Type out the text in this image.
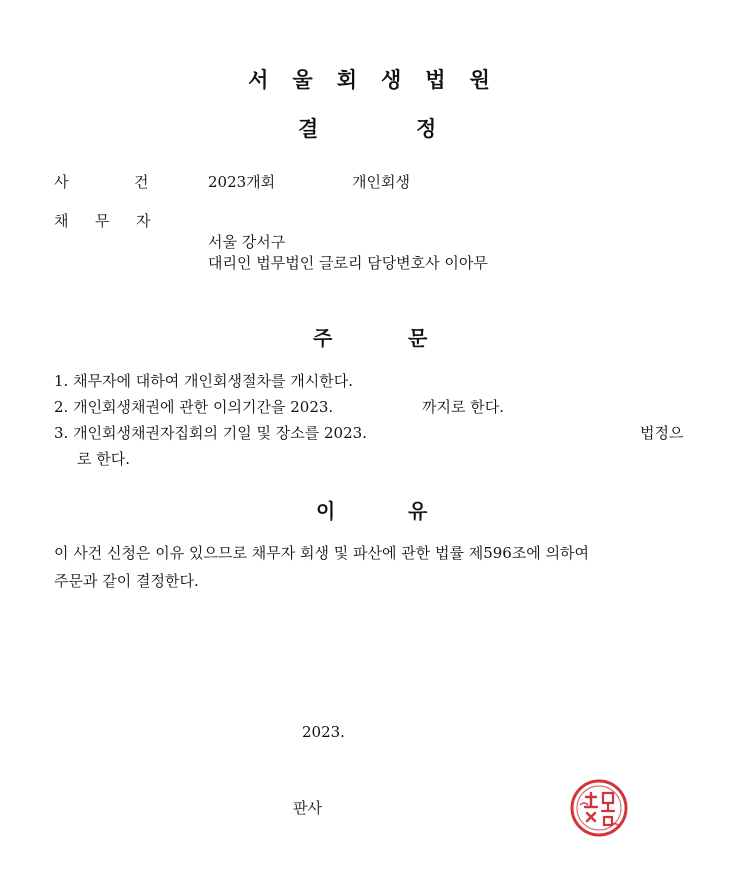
서 울 회 생 법 원
결	정
사	건	2023개회	개인회생
채 무 자
서울 강서구
대리인 법무법인 글로리 담당변호사 이아무
주	문
1. 채무자에 대하여 개인회생절차를 개시한다.
2. 개인회생채권에 관한 이의기간을 2023.	까지로 한다.
3. 개인회생채권자집회의 기일 및 장소를 2023.	법정으
로 한다.
이	유
이 사건 신청은 이유 있으므로 채무자 회생 및 파산에 관한 법률 제596조에 의하여
주문과 같이 결정한다.
2023.
판사
